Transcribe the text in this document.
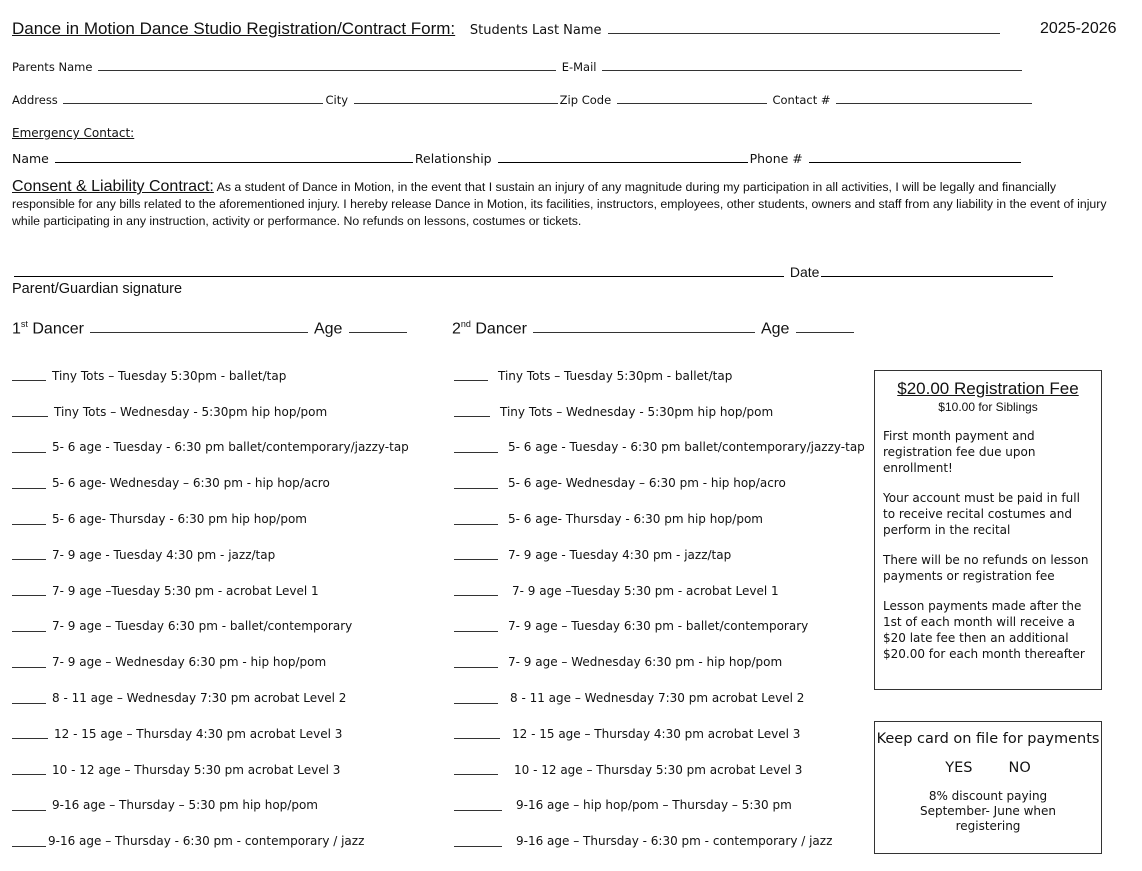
Dance in Motion Dance Studio Registration/Contract Form: Students Last Name	2025-2026
Parents Name	E-Mail
Address	City	Zip Code	Contact #
Emergency Contact:
Name	Relationship	Phone #
Consent & Liability Contract: As a student of Dance in Motion, in the event that I sustain an injury of any magnitude during my participation in all activities, I will be legally and financially responsible for any bills related to the aforementioned injury. I hereby release Dance in Motion, its facilities, instructors, employees, other students, owners and staff from any liability in the event of injury while participating in any instruction, activity or performance. No refunds on lessons, costumes or tickets.
Date
Parent/Guardian signature
1st Dancer	Age	2nd Dancer	Age
Tiny Tots – Tuesday 5:30pm - ballet/tap
Tiny Tots – Wednesday - 5:30pm hip hop/pom
5- 6 age - Tuesday - 6:30 pm ballet/contemporary/jazzy-tap
5- 6 age- Wednesday – 6:30 pm - hip hop/acro
5- 6 age- Thursday - 6:30 pm hip hop/pom
7- 9 age - Tuesday 4:30 pm - jazz/tap
7- 9 age –Tuesday 5:30 pm - acrobat Level 1
7- 9 age – Tuesday 6:30 pm - ballet/contemporary
7- 9 age – Wednesday 6:30 pm - hip hop/pom
8 - 11 age – Wednesday 7:30 pm acrobat Level 2
12 - 15 age – Thursday 4:30 pm acrobat Level 3
10 - 12 age – Thursday 5:30 pm acrobat Level 3
9-16 age – Thursday – 5:30 pm hip hop/pom
9-16 age – Thursday - 6:30 pm - contemporary / jazz
Tiny Tots – Tuesday 5:30pm - ballet/tap
Tiny Tots – Wednesday - 5:30pm hip hop/pom
5- 6 age - Tuesday - 6:30 pm ballet/contemporary/jazzy-tap
5- 6 age- Wednesday – 6:30 pm - hip hop/acro
5- 6 age- Thursday - 6:30 pm hip hop/pom
7- 9 age - Tuesday 4:30 pm - jazz/tap
7- 9 age –Tuesday 5:30 pm - acrobat Level 1
7- 9 age – Tuesday 6:30 pm - ballet/contemporary
7- 9 age – Wednesday 6:30 pm - hip hop/pom
8 - 11 age – Wednesday 7:30 pm acrobat Level 2
12 - 15 age – Thursday 4:30 pm acrobat Level 3
10 - 12 age – Thursday 5:30 pm acrobat Level 3
9-16 age – hip hop/pom – Thursday – 5:30 pm
9-16 age – Thursday - 6:30 pm - contemporary / jazz
$20.00 Registration Fee
$10.00 for Siblings
First month payment and registration fee due upon enrollment!
Your account must be paid in full to receive recital costumes and perform in the recital
There will be no refunds on lesson payments or registration fee
Lesson payments made after the 1st of each month will receive a $20 late fee then an additional $20.00 for each month thereafter
Keep card on file for payments
YES NO
8% discount paying September- June when registering
